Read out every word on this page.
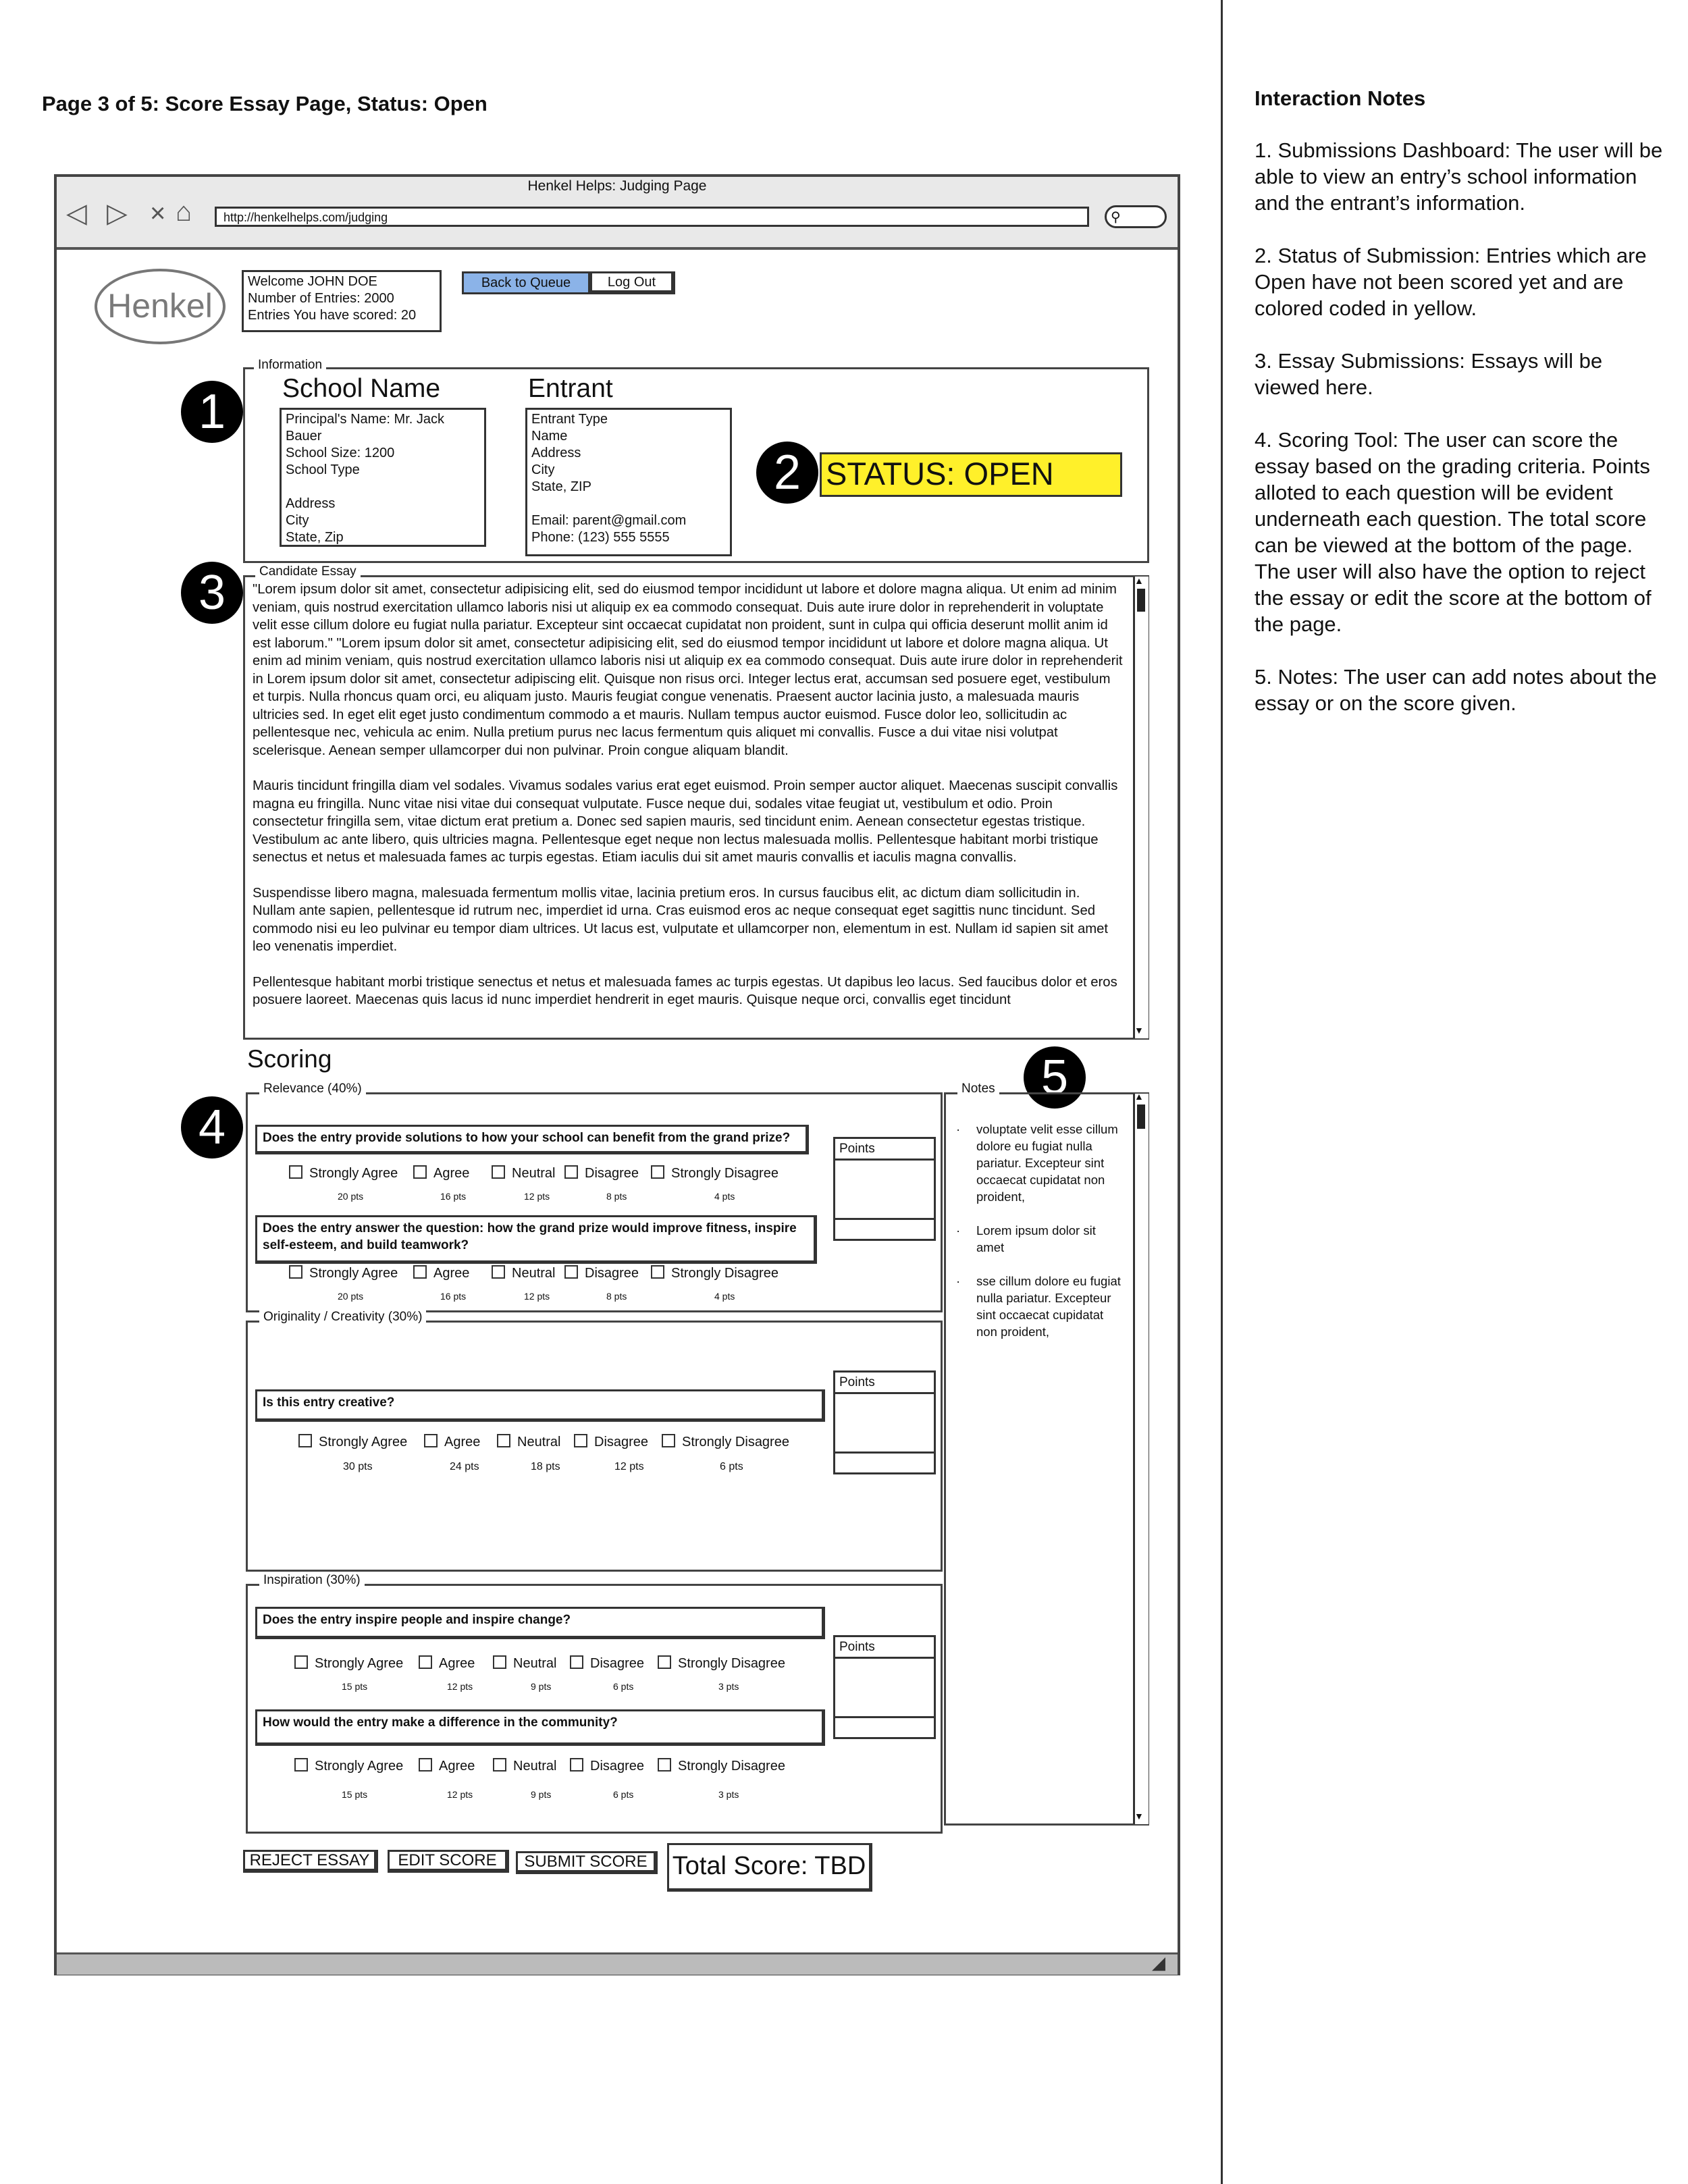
Page 3 of 5: Score Essay Page, Status: Open	Interaction Notes

1. Submissions Dashboard: The user will be able to view an entry’s school information and the entrant’s information.

2. Status of Submission: Entries which are Open have not been scored yet and are colored coded in yellow.

3. Essay Submissions: Essays will be viewed here.

4. Scoring Tool: The user can score the essay based on the grading criteria. Points alloted to each question will be evident underneath each question. The total score can be viewed at the bottom of the page. The user will also have the option to reject the essay or edit the score at the bottom of the page.

5. Notes: The user can add notes about the essay or on the score given.

Henkel Helps: Judging Page
◁ ▷ × ⌂	http://henkelhelps.com/judging	⚲
◢
Henkel
Welcome JOHN DOE
Number of Entries: 2000
Entries You have scored: 20
Back to Queue	Log Out
Information
School Name
Principal's Name: Mr. Jack Bauer
School Size: 1200
School Type
Address
City
State, Zip
Entrant
Entrant Type
Name
Address
City
State, ZIP
Email: parent@gmail.com
Phone: (123) 555 5555
STATUS: OPEN
1
2
3
4
5
Candidate Essay

"Lorem ipsum dolor sit amet, consectetur adipisicing elit, sed do eiusmod tempor incididunt ut labore et dolore magna aliqua. Ut enim ad minim veniam, quis nostrud exercitation ullamco laboris nisi ut aliquip ex ea commodo consequat. Duis aute irure dolor in reprehenderit in voluptate velit esse cillum dolore eu fugiat nulla pariatur. Excepteur sint occaecat cupidatat non proident, sunt in culpa qui officia deserunt mollit anim id est laborum." "Lorem ipsum dolor sit amet, consectetur adipisicing elit, sed do eiusmod tempor incididunt ut labore et dolore magna aliqua. Ut enim ad minim veniam, quis nostrud exercitation ullamco laboris nisi ut aliquip ex ea commodo consequat. Duis aute irure dolor in reprehenderit in Lorem ipsum dolor sit amet, consectetur adipiscing elit. Quisque non risus orci. Integer lectus erat, accumsan sed posuere eget, vestibulum et turpis. Nulla rhoncus quam orci, eu aliquam justo. Mauris feugiat congue venenatis. Praesent auctor lacinia justo, a malesuada mauris ultricies sed. In eget elit eget justo condimentum commodo a et mauris. Nullam tempus auctor euismod. Fusce dolor leo, sollicitudin ac pellentesque nec, vehicula ac enim. Nulla pretium purus nec lacus fermentum quis aliquet mi convallis. Fusce a dui vitae nisi volutpat scelerisque. Aenean semper ullamcorper dui non pulvinar. Proin congue aliquam blandit.

Mauris tincidunt fringilla diam vel sodales. Vivamus sodales varius erat eget euismod. Proin semper auctor aliquet. Maecenas suscipit convallis magna eu fringilla. Nunc vitae nisi vitae dui consequat vulputate. Fusce neque dui, sodales vitae feugiat ut, vestibulum et odio. Proin consectetur fringilla sem, vitae dictum erat pretium a. Donec sed sapien mauris, sed tincidunt enim. Aenean consectetur egestas tristique. Vestibulum ac ante libero, quis ultricies magna. Pellentesque eget neque non lectus malesuada mollis. Pellentesque habitant morbi tristique senectus et netus et malesuada fames ac turpis egestas. Etiam iaculis dui sit amet mauris convallis et iaculis magna convallis.

Suspendisse libero magna, malesuada fermentum mollis vitae, lacinia pretium eros. In cursus faucibus elit, ac dictum diam sollicitudin in. Nullam ante sapien, pellentesque id rutrum nec, imperdiet id urna. Cras euismod eros ac neque consequat eget sagittis nunc tincidunt. Sed commodo nisi eu leo pulvinar eu tempor diam ultrices. Ut lacus est, vulputate et ullamcorper non, elementum in est. Nullam id sapien sit amet leo venenatis imperdiet.

Pellentesque habitant morbi tristique senectus et netus et malesuada fames ac turpis egestas. Ut dapibus leo lacus. Sed faucibus dolor et eros posuere laoreet. Maecenas quis lacus id nunc imperdiet hendrerit in eget mauris. Quisque neque orci, convallis eget tincidunt

▲
▼
Scoring
Relevance (40%)
Does the entry provide solutions to how your school can benefit from the grand prize?
Strongly Agree	Agree	Neutral	Disagree	Strongly Disagree
20 pts	16 pts	12 pts	8 pts	4 pts
Does the entry answer the question: how the grand prize would improve fitness, inspire self-esteem, and build teamwork?
Strongly Agree	Agree	Neutral	Disagree	Strongly Disagree
20 pts	16 pts	12 pts	8 pts	4 pts
Points
Originality / Creativity (30%)
Is this entry creative?
Strongly Agree	Agree	Neutral	Disagree	Strongly Disagree
30 pts	24 pts	18 pts	12 pts	6 pts
Points
Inspiration (30%)
Does the entry inspire people and inspire change?
Strongly Agree	Agree	Neutral	Disagree	Strongly Disagree
15 pts	12 pts	9 pts	6 pts	3 pts
How would the entry make a difference in the community?
Strongly Agree	Agree	Neutral	Disagree	Strongly Disagree
15 pts	12 pts	9 pts	6 pts	3 pts
Points
Notes
· voluptate velit esse cillum dolore eu fugiat nulla pariatur. Excepteur sint occaecat cupidatat non proident,
· Lorem ipsum dolor sit amet
· sse cillum dolore eu fugiat nulla pariatur. Excepteur sint occaecat cupidatat non proident,
▲
▼
REJECT ESSAY	EDIT SCORE	SUBMIT SCORE Total Score: TBD
